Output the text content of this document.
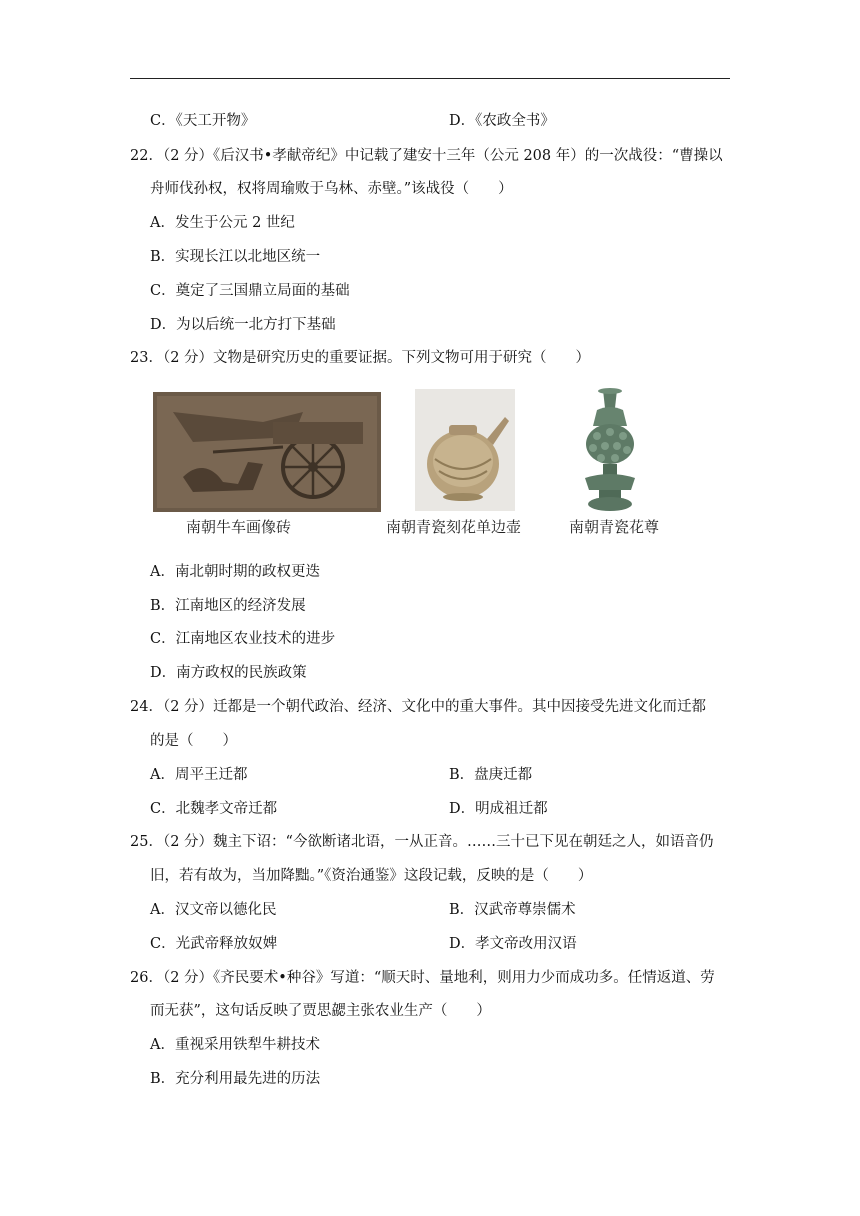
C．《天工开物》	D．《农政全书》
22．（2 分）《后汉书•孝献帝纪》中记载了建安十三年（公元 208 年）的一次战役：“曹操以
舟师伐孙权，权将周瑜败于乌林、赤壁。”该战役（　　）
A．发生于公元 2 世纪
B．实现长江以北地区统一
C．奠定了三国鼎立局面的基础
D．为以后统一北方打下基础
23．（2 分）文物是研究历史的重要证据。下列文物可用于研究（　　）
南朝牛车画像砖	南朝青瓷刻花单边壶	南朝青瓷花尊
A．南北朝时期的政权更迭
B．江南地区的经济发展
C．江南地区农业技术的进步
D．南方政权的民族政策
24．（2 分）迁都是一个朝代政治、经济、文化中的重大事件。其中因接受先进文化而迁都
的是（　　）
A．周平王迁都	B．盘庚迁都
C．北魏孝文帝迁都	D．明成祖迁都
25．（2 分）魏主下诏：“今欲断诸北语，一从正音。……三十已下见在朝廷之人，如语音仍
旧，若有故为，当加降黜。”《资治通鉴》这段记载，反映的是（　　）
A．汉文帝以德化民	B．汉武帝尊崇儒术
C．光武帝释放奴婢	D．孝文帝改用汉语
26．（2 分）《齐民要术•种谷》写道：“顺天时、量地利，则用力少而成功多。任情返道、劳
而无获”，这句话反映了贾思勰主张农业生产（　　）
A．重视采用铁犁牛耕技术
B．充分利用最先进的历法
